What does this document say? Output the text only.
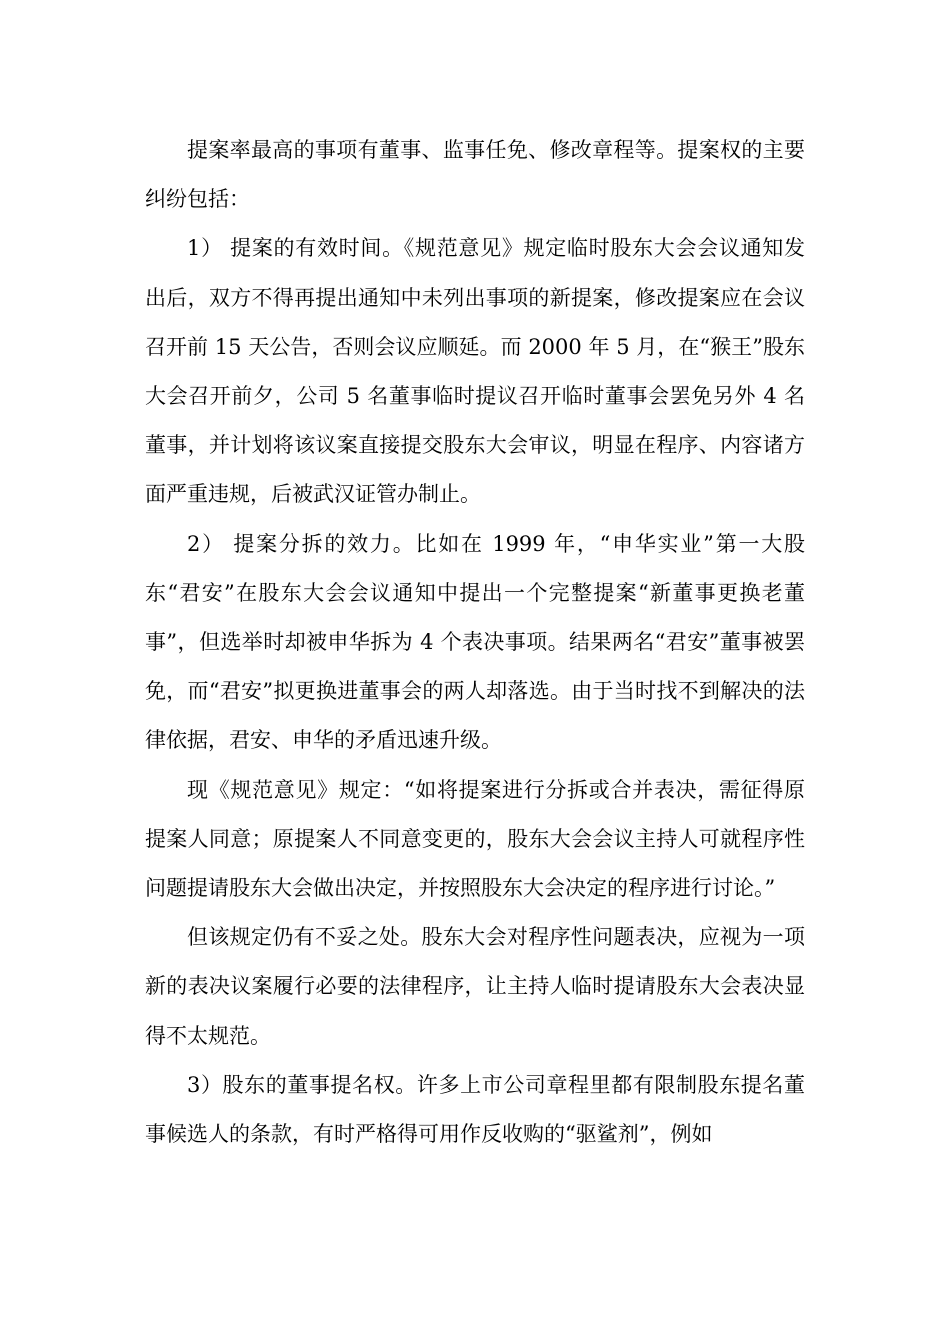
提案率最高的事项有董事、监事任免、修改章程等。提案权的主要纠纷包括：

1） 提案的有效时间。《规范意见》规定临时股东大会会议通知发出后，双方不得再提出通知中未列出事项的新提案，修改提案应在会议召开前 15 天公告，否则会议应顺延。而 2000 年 5 月，在“猴王”股东大会召开前夕，公司 5 名董事临时提议召开临时董事会罢免另外 4 名董事，并计划将该议案直接提交股东大会审议，明显在程序、内容诸方面严重违规，后被武汉证管办制止。

2） 提案分拆的效力。比如在 1999 年，“申华实业”第一大股东“君安”在股东大会会议通知中提出一个完整提案“新董事更换老董事”，但选举时却被申华拆为 4 个表决事项。结果两名“君安”董事被罢免，而“君安”拟更换进董事会的两人却落选。由于当时找不到解决的法律依据，君安、申华的矛盾迅速升级。

现《规范意见》规定：“如将提案进行分拆或合并表决，需征得原提案人同意；原提案人不同意变更的，股东大会会议主持人可就程序性问题提请股东大会做出决定，并按照股东大会决定的程序进行讨论。”

但该规定仍有不妥之处。股东大会对程序性问题表决，应视为一项新的表决议案履行必要的法律程序，让主持人临时提请股东大会表决显得不太规范。

3）股东的董事提名权。许多上市公司章程里都有限制股东提名董事候选人的条款，有时严格得可用作反收购的“驱鲨剂”，例如
